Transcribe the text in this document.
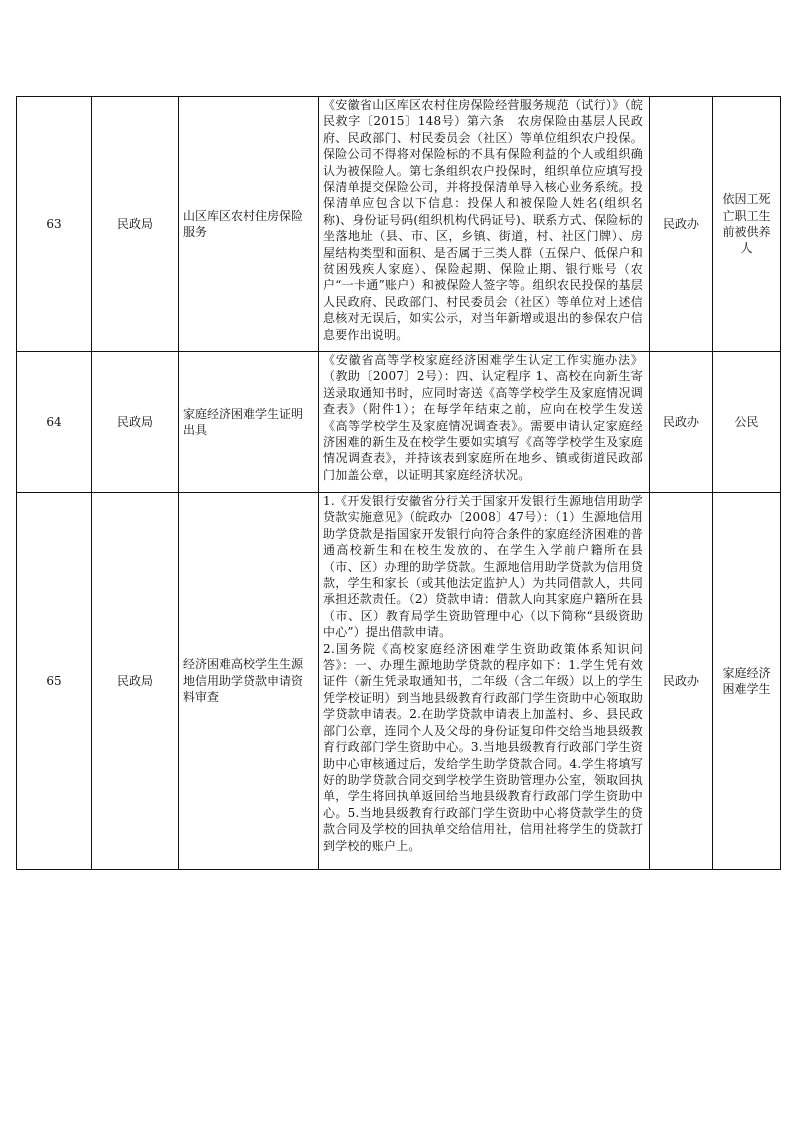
63	民政局	山区库区农村住房保险服务	《安徽省山区库区农村住房保险经营服务规范（试行）》（皖民救字〔2015〕148号）第六条　农房保险由基层人民政府、民政部门、村民委员会（社区）等单位组织农户投保。保险公司不得将对保险标的不具有保险利益的个人或组织确认为被保险人。第七条组织农户投保时，组织单位应填写投保清单提交保险公司，并将投保清单导入核心业务系统。投保清单应包含以下信息：投保人和被保险人姓名(组织名称)、身份证号码(组织机构代码证号)、联系方式、保险标的坐落地址（县、市、区，乡镇、街道，村、社区门牌）、房屋结构类型和面积、是否属于三类人群（五保户、低保户和贫困残疾人家庭）、保险起期、保险止期、银行账号（农户“一卡通”账户）和被保险人签字等。组织农民投保的基层人民政府、民政部门、村民委员会（社区）等单位对上述信息核对无误后，如实公示，对当年新增或退出的参保农户信息要作出说明。	民政办	依因工死亡职工生前被供养人

64	民政局	家庭经济困难学生证明出具	《安徽省高等学校家庭经济困难学生认定工作实施办法》（教助〔2007〕2号）：四、认定程序 1、高校在向新生寄送录取通知书时，应同时寄送《高等学校学生及家庭情况调查表》（附件1）；在每学年结束之前，应向在校学生发送《高等学校学生及家庭情况调查表》。需要申请认定家庭经济困难的新生及在校学生要如实填写《高等学校学生及家庭情况调查表》，并持该表到家庭所在地乡、镇或街道民政部门加盖公章，以证明其家庭经济状况。	民政办	公民

65	民政局	经济困难高校学生生源地信用助学贷款申请资料审查	1.《开发银行安徽省分行关于国家开发银行生源地信用助学贷款实施意见》（皖政办〔2008〕47号）：（1）生源地信用助学贷款是指国家开发银行向符合条件的家庭经济困难的普通高校新生和在校生发放的、在学生入学前户籍所在县（市、区）办理的助学贷款。生源地信用助学贷款为信用贷款，学生和家长（或其他法定监护人）为共同借款人，共同承担还款责任。（2）贷款申请：借款人向其家庭户籍所在县（市、区）教育局学生资助管理中心（以下简称“县级资助中心”）提出借款申请。

2.国务院《高校家庭经济困难学生资助政策体系知识问答》：一、办理生源地助学贷款的程序如下：1.学生凭有效证件（新生凭录取通知书，二年级（含二年级）以上的学生凭学校证明）到当地县级教育行政部门学生资助中心领取助学贷款申请表。2.在助学贷款申请表上加盖村、乡、县民政部门公章，连同个人及父母的身份证复印件交给当地县级教育行政部门学生资助中心。3.当地县级教育行政部门学生资助中心审核通过后，发给学生助学贷款合同。4.学生将填写好的助学贷款合同交到学校学生资助管理办公室，领取回执单，学生将回执单返回给当地县级教育行政部门学生资助中心。5.当地县级教育行政部门学生资助中心将贷款学生的贷款合同及学校的回执单交给信用社，信用社将学生的贷款打到学校的账户上。	民政办	家庭经济困难学生
